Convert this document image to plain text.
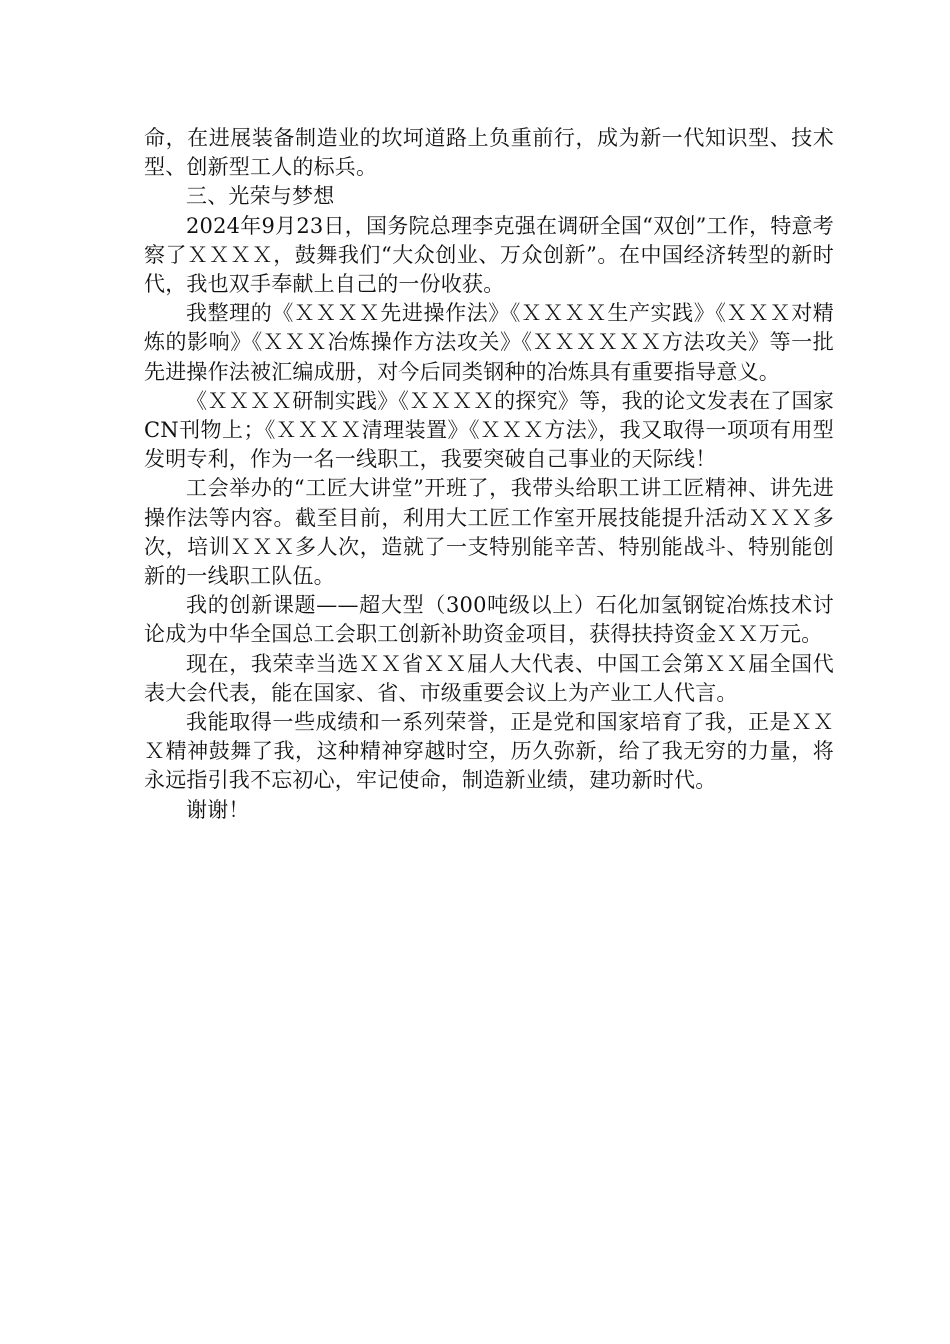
命，在进展装备制造业的坎坷道路上负重前行，成为新一代知识型、技术型、创新型工人的标兵。

三、光荣与梦想

2024年9月23日，国务院总理李克强在调研全国“双创”工作，特意考察了ＸＸＸＸ，鼓舞我们“大众创业、万众创新”。在中国经济转型的新时代，我也双手奉献上自己的一份收获。

我整理的《ＸＸＸＸ先进操作法》《ＸＸＸＸ生产实践》《ＸＸＸ对精炼的影响》《ＸＸＸ冶炼操作方法攻关》《ＸＸＸＸＸＸ方法攻关》等一批先进操作法被汇编成册，对今后同类钢种的冶炼具有重要指导意义。

《ＸＸＸＸ研制实践》《ＸＸＸＸ的探究》等，我的论文发表在了国家CN刊物上；《ＸＸＸＸ清理装置》《ＸＸＸ方法》，我又取得一项项有用型发明专利，作为一名一线职工，我要突破自己事业的天际线！

工会举办的“工匠大讲堂”开班了，我带头给职工讲工匠精神、讲先进操作法等内容。截至目前，利用大工匠工作室开展技能提升活动ＸＸＸ多次，培训ＸＸＸ多人次，造就了一支特别能辛苦、特别能战斗、特别能创新的一线职工队伍。

我的创新课题——超大型（300吨级以上）石化加氢钢锭冶炼技术讨论成为中华全国总工会职工创新补助资金项目，获得扶持资金ＸＸ万元。

现在，我荣幸当选ＸＸ省ＸＸ届人大代表、中国工会第ＸＸ届全国代表大会代表，能在国家、省、市级重要会议上为产业工人代言。

我能取得一些成绩和一系列荣誉，正是党和国家培育了我，正是ＸＸＸ精神鼓舞了我，这种精神穿越时空，历久弥新，给了我无穷的力量，将永远指引我不忘初心，牢记使命，制造新业绩，建功新时代。

谢谢！
